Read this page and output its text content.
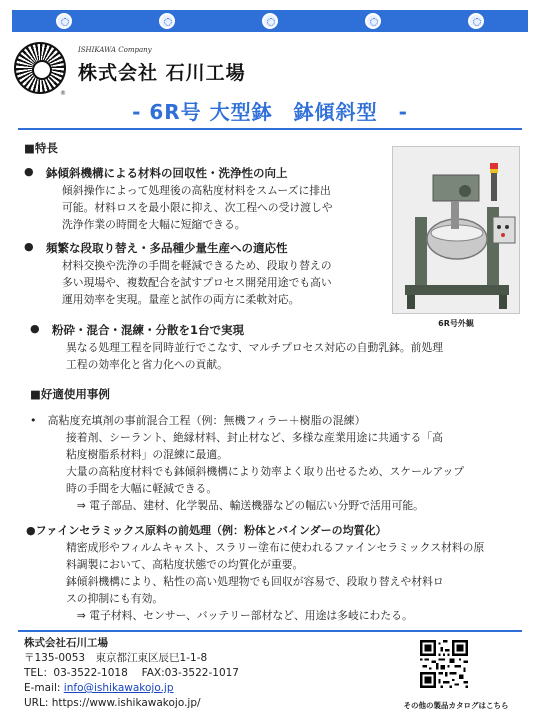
ISHIKAWA Company
株式会社 石川工場
®
- 6R号 大型鉢　鉢傾斜型　-
■特長
● 鉢傾斜機構による材料の回収性・洗浄性の向上
傾斜操作によって処理後の高粘度材料をスムーズに排出
可能。材料ロスを最小限に抑え、次工程への受け渡しや
洗浄作業の時間を大幅に短縮できる。
● 頻繁な段取り替え・多品種少量生産への適応性
材料交換や洗浄の手間を軽減できるため、段取り替えの
多い現場や、複数配合を試すプロセス開発用途でも高い
運用効率を実現。量産と試作の両方に柔軟対応。
● 粉砕・混合・混練・分散を1台で実現
異なる処理工程を同時並行でこなす、マルチプロセス対応の自動乳鉢。前処理
工程の効率化と省力化への貢献。
6R号外観
■好適使用事例
•　高粘度充填剤の事前混合工程（例：無機フィラー＋樹脂の混練）
接着剤、シーラント、絶縁材料、封止材など、多様な産業用途に共通する「高
粘度樹脂系材料」の混練に最適。
大量の高粘度材料でも鉢傾斜機構により効率よく取り出せるため、スケールアップ
時の手間を大幅に軽減できる。
　⇒ 電子部品、建材、化学製品、輸送機器などの幅広い分野で活用可能。
●ファインセラミックス原料の前処理（例：粉体とバインダーの均質化）
精密成形やフィルムキャスト、スラリー塗布に使われるファインセラミックス材料の原
料調製において、高粘度状態での均質化が重要。
鉢傾斜機構により、粘性の高い処理物でも回収が容易で、段取り替えや材料ロ
スの抑制にも有効。
　⇒ 電子材料、センサー、バッテリー部材など、用途は多岐にわたる。
株式会社石川工場
〒135-0053　東京都江東区辰巳1-1-8
TEL：03-3522-1018　 FAX:03-3522-1017
E-mail: info@ishikawakojo.jp
URL: https://www.ishikawakojo.jp/	その他の製品カタログはこちら
